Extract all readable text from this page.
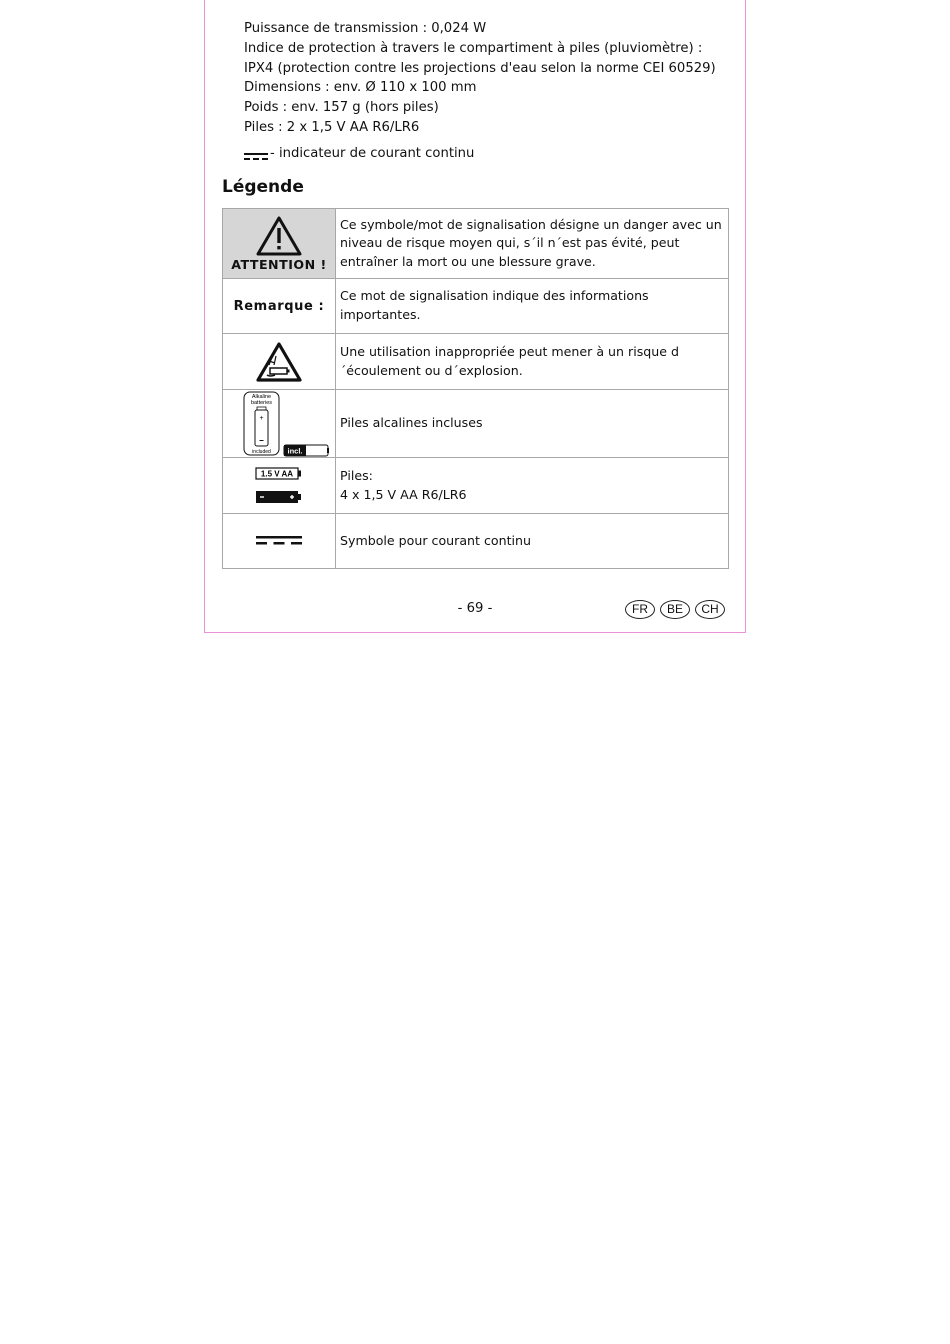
Puissance de transmission : 0,024 W
Indice de protection à travers le compartiment à piles (pluviomètre) :
IPX4 (protection contre les projections d'eau selon la norme CEI 60529)
Dimensions : env. Ø 110 x 100 mm
Poids : env. 157 g (hors piles)
Piles : 2 x 1,5 V AA R6/LR6
- indicateur de courant continu
Légende
ATTENTION !	Ce symbole/mot de signalisation désigne un danger avec un niveau de risque moyen qui, s´il n´est pas évité, peut entraîner la mort ou une blessure grave.
Remarque :	Ce mot de signalisation indique des informations importantes.

	Une utilisation inappropriée peut mener à un risque d´écoulement ou d´explosion.

Alkaline
batteries
+
included incl.	Piles alcalines incluses

1.5 V AA	Piles:
4 x 1,5 V AA R6/LR6

	Symbole pour courant continu
- 69 -	FR	BE	CH
